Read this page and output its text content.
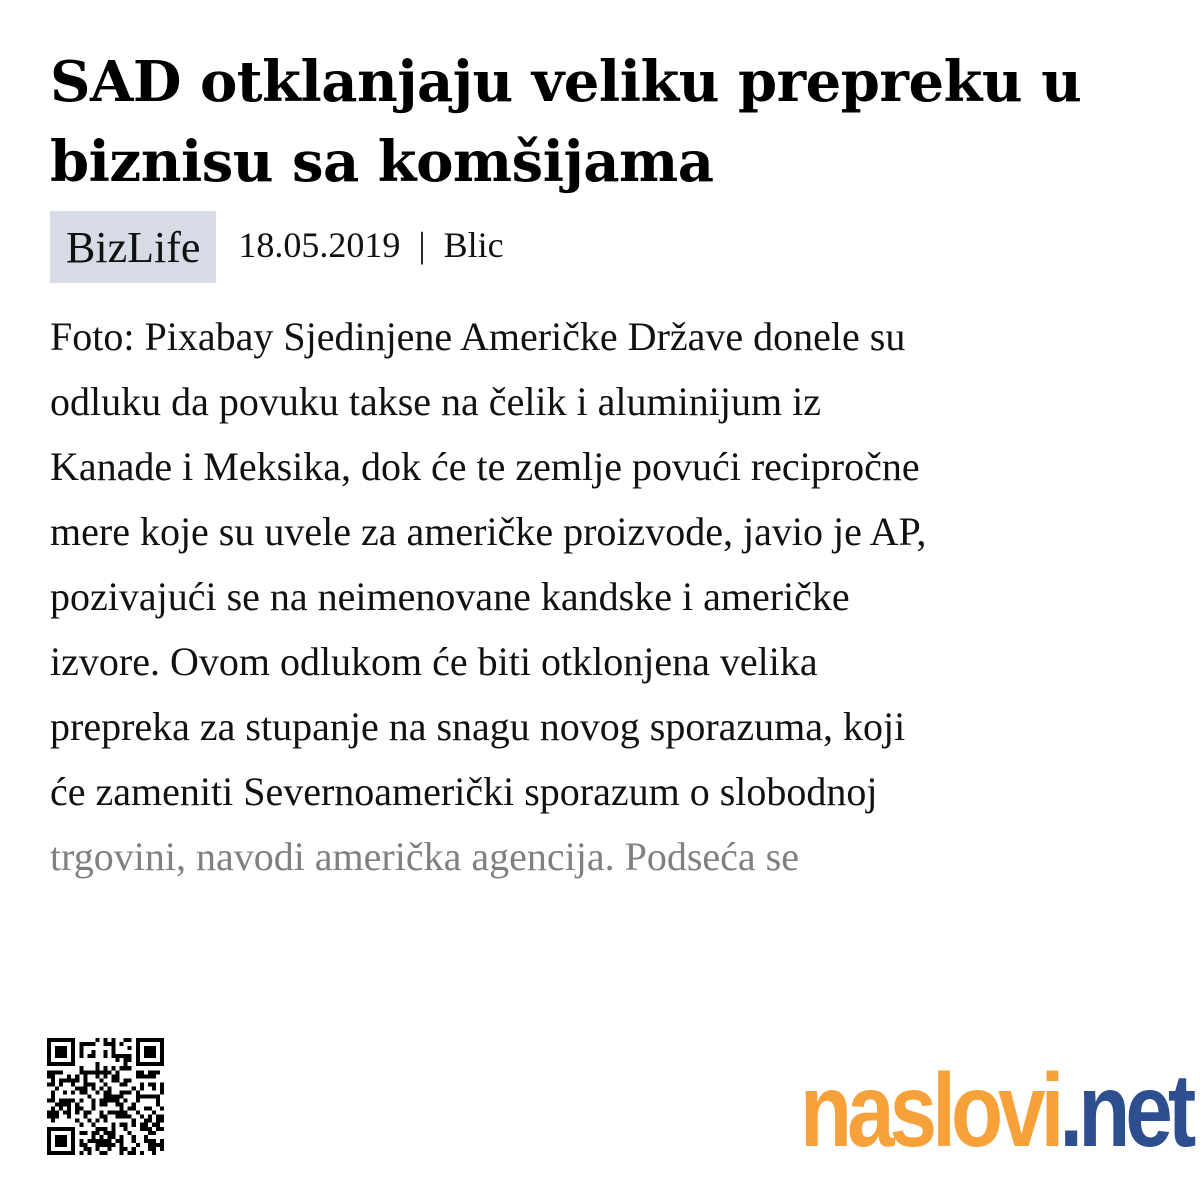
SAD otklanjaju veliku prepreku u biznisu sa komšijama
BizLife	18.05.2019 | Blic
Foto: Pixabay Sjedinjene Američke Države donele su
odluku da povuku takse na čelik i aluminijum iz
Kanade i Meksika, dok će te zemlje povući recipročne
mere koje su uvele za američke proizvode, javio je AP,
pozivajući se na neimenovane kandske i američke
izvore. Ovom odlukom će biti otklonjena velika
prepreka za stupanje na snagu novog sporazuma, koji
će zameniti Severnoamerički sporazum o slobodnoj
trgovini, navodi američka agencija. Podseća se
naslovi.net
